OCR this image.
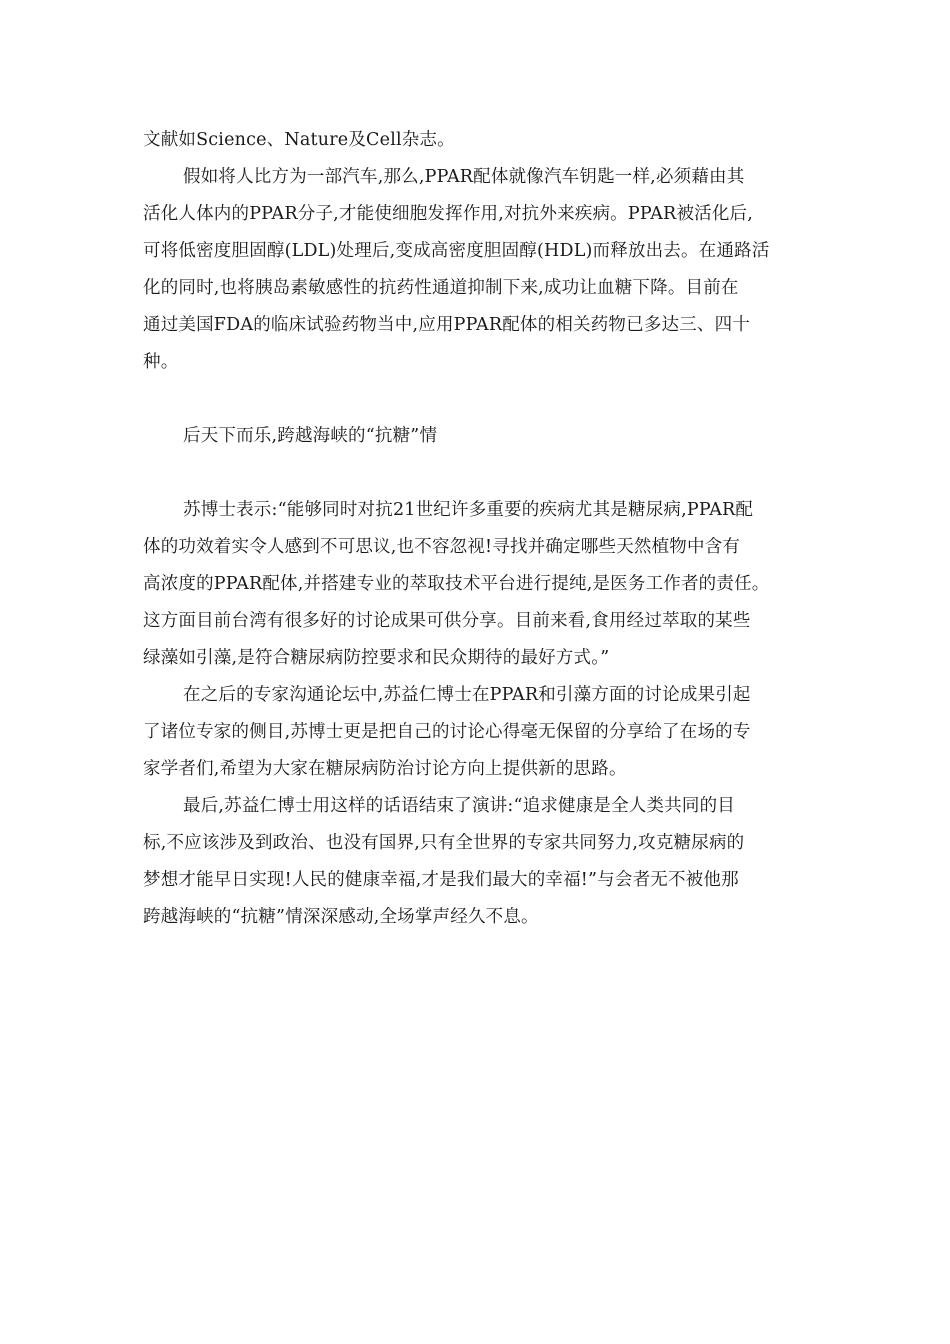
文献如Science、Nature及Cell杂志。
假如将人比方为一部汽车,那么,PPAR配体就像汽车钥匙一样,必须藉由其
活化人体内的PPAR分子,才能使细胞发挥作用,对抗外来疾病。PPAR被活化后,
可将低密度胆固醇(LDL)处理后,变成高密度胆固醇(HDL)而释放出去。在通路活
化的同时,也将胰岛素敏感性的抗药性通道抑制下来,成功让血糖下降。目前在
通过美国FDA的临床试验药物当中,应用PPAR配体的相关药物已多达三、四十
种。
后天下而乐,跨越海峡的“抗糖”情
苏博士表示:“能够同时对抗21世纪许多重要的疾病尤其是糖尿病,PPAR配
体的功效着实令人感到不可思议,也不容忽视!寻找并确定哪些天然植物中含有
高浓度的PPAR配体,并搭建专业的萃取技术平台进行提纯,是医务工作者的责任。
这方面目前台湾有很多好的讨论成果可供分享。目前来看,食用经过萃取的某些
绿藻如引藻,是符合糖尿病防控要求和民众期待的最好方式。”
在之后的专家沟通论坛中,苏益仁博士在PPAR和引藻方面的讨论成果引起
了诸位专家的侧目,苏博士更是把自己的讨论心得毫无保留的分享给了在场的专
家学者们,希望为大家在糖尿病防治讨论方向上提供新的思路。
最后,苏益仁博士用这样的话语结束了演讲:“追求健康是全人类共同的目
标,不应该涉及到政治、也没有国界,只有全世界的专家共同努力,攻克糖尿病的
梦想才能早日实现!人民的健康幸福,才是我们最大的幸福!”与会者无不被他那
跨越海峡的“抗糖”情深深感动,全场掌声经久不息。
